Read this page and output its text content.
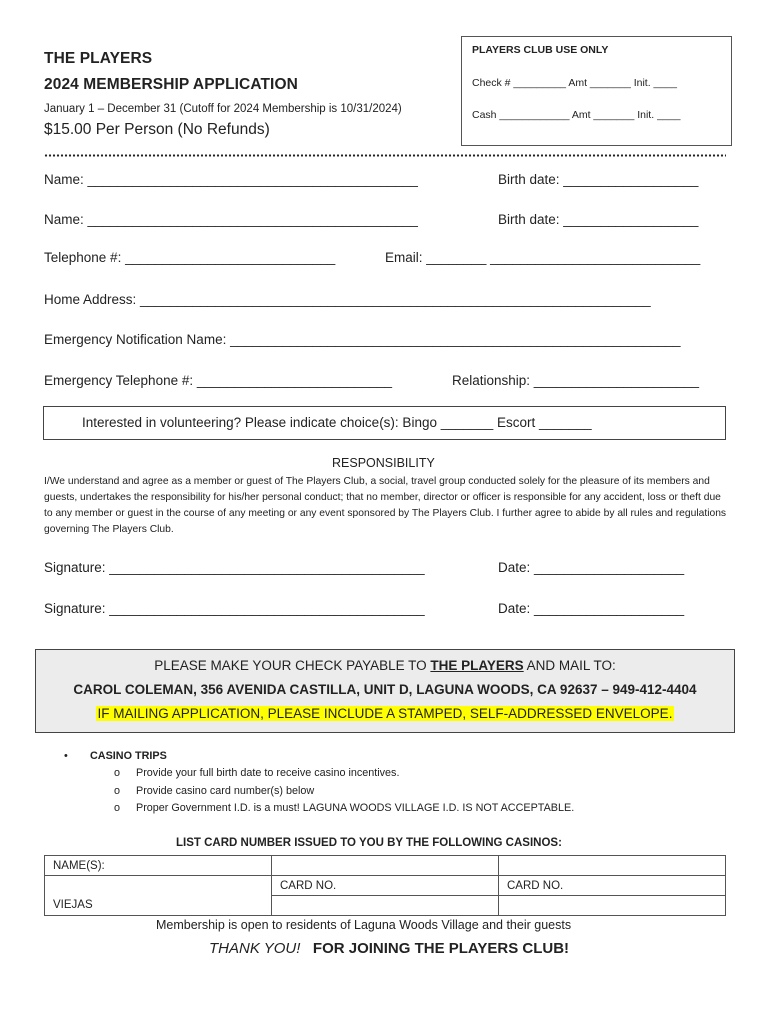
THE PLAYERS
2024 MEMBERSHIP APPLICATION
January 1 – December 31 (Cutoff for 2024 Membership is 10/31/2024)
$15.00 Per Person (No Refunds)
PLAYERS CLUB USE ONLY
Check # _________ Amt _______ Init. ____
Cash ____________ Amt _______ Init. ____
Name: ____________________________________________	Birth date: __________________
Name: ____________________________________________	Birth date: __________________
Telephone #: ____________________________	Email: ________ ____________________________
Home Address: ____________________________________________________________________
Emergency Notification Name: ____________________________________________________________
Emergency Telephone #: __________________________	Relationship: ______________________
Interested in volunteering? Please indicate choice(s): Bingo _______ Escort _______
RESPONSIBILITY
I/We understand and agree as a member or guest of The Players Club, a social, travel group conducted solely for the pleasure of its members and guests, undertakes the responsibility for his/her personal conduct; that no member, director or officer is responsible for any accident, loss or theft due to any member or guest in the course of any meeting or any event sponsored by The Players Club. I further agree to abide by all rules and regulations governing The Players Club.
Signature: __________________________________________	Date: ____________________
Signature: __________________________________________	Date: ____________________
PLEASE MAKE YOUR CHECK PAYABLE TO THE PLAYERS AND MAIL TO:
CAROL COLEMAN, 356 AVENIDA CASTILLA, UNIT D, LAGUNA WOODS, CA 92637 – 949-412-4404
IF MAILING APPLICATION, PLEASE INCLUDE A STAMPED, SELF-ADDRESSED ENVELOPE.
• CASINO TRIPS
o Provide your full birth date to receive casino incentives.
o Provide casino card number(s) below
o Proper Government I.D. is a must! LAGUNA WOODS VILLAGE I.D. IS NOT ACCEPTABLE.
LIST CARD NUMBER ISSUED TO YOU BY THE FOLLOWING CASINOS:
NAME(S):		
	CARD NO.	CARD NO.
VIEJAS		
Membership is open to residents of Laguna Woods Village and their guests
THANK YOU! FOR JOINING THE PLAYERS CLUB!
